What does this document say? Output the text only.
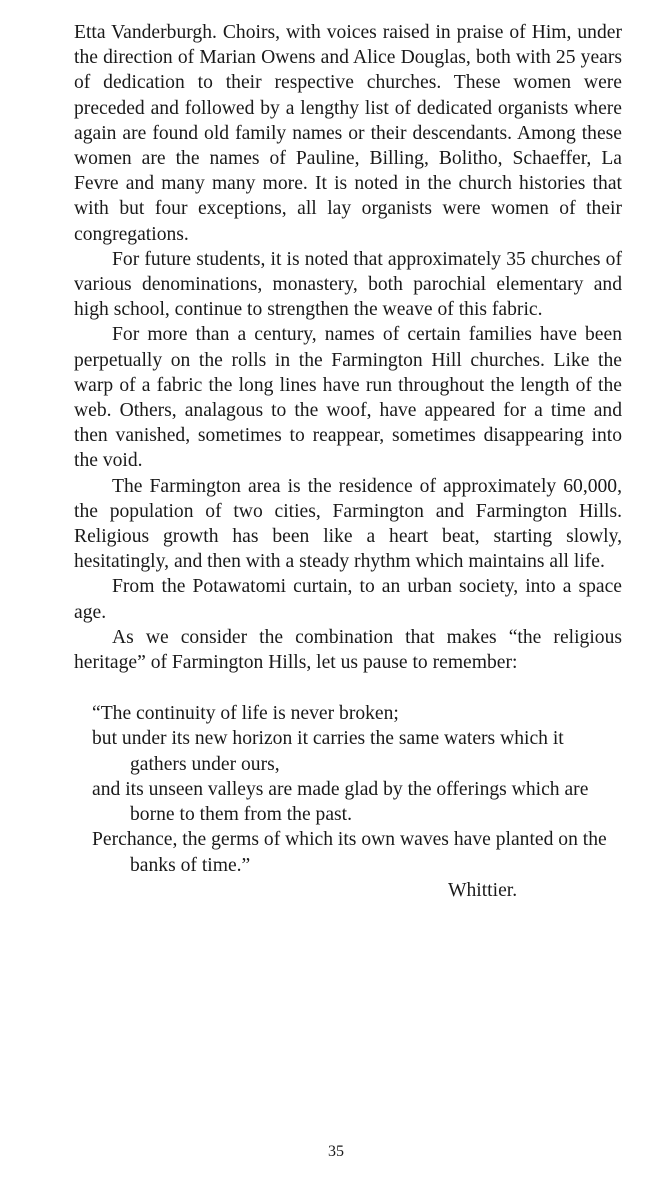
Etta Vanderburgh. Choirs, with voices raised in praise of Him, under the direction of Marian Owens and Alice Douglas, both with 25 years of dedication to their respective churches. These women were preceded and followed by a lengthy list of dedicated organists where again are found old family names or their descendants. Among these women are the names of Pauline, Billing, Bolitho, Schaeffer, La Fevre and many many more. It is noted in the church histories that with but four exceptions, all lay organists were women of their congregations.

For future students, it is noted that approximately 35 churches of various denominations, monastery, both parochial elementary and high school, continue to strengthen the weave of this fabric.

For more than a century, names of certain families have been perpetually on the rolls in the Farmington Hill churches. Like the warp of a fabric the long lines have run throughout the length of the web. Others, analagous to the woof, have appeared for a time and then vanished, sometimes to reappear, sometimes disappearing into the void.

The Farmington area is the residence of approximately 60,000, the population of two cities, Farmington and Farmington Hills. Religious growth has been like a heart beat, starting slowly, hesitatingly, and then with a steady rhythm which maintains all life.

From the Potawatomi curtain, to an urban society, into a space age.

As we consider the combination that makes “the religious heritage” of Farmington Hills, let us pause to remember:

“The continuity of life is never broken;

but under its new horizon it carries the same waters which it gathers under ours,

and its unseen valleys are made glad by the offerings which are borne to them from the past.

Perchance, the germs of which its own waves have planted on the banks of time.”

Whittier.

35
